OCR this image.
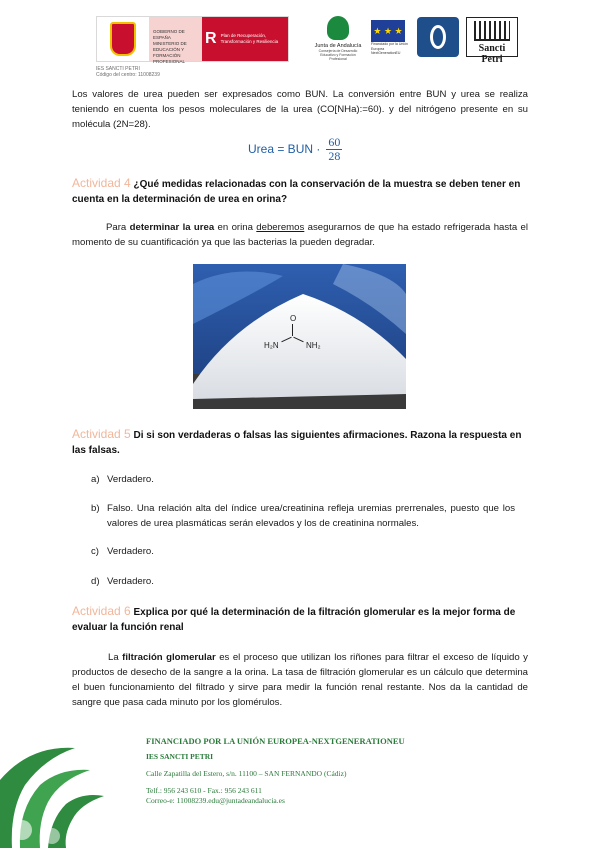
GOBIERNO DE ESPAÑA
MINISTERIO DE EDUCACIÓN Y FORMACIÓN PROFESIONAL
R Plan de Recuperación, Transformación y Resiliencia
Junta de Andalucía
Consejería de Desarrollo Educativo y Formación Profesional
★ ★ ★
Financiado por la Unión Europea NextGenerationEU	Sancti Petri
IES SANCTI PETRI
Código del centro: 11008239

Los valores de urea pueden ser expresados como BUN. La conversión entre BUN y urea se realiza teniendo en cuenta los pesos moleculares de la urea (CO[NHa):=60). y del nitrógeno presente en su molécula (2N=28).

Urea = BUN · $\frac{60}{28}$

Actividad 4 ¿Qué medidas relacionadas con la conservación de la muestra se deben tener en cuenta en la determinación de urea en orina?

Para determinar la urea en orina deberemos asegurarnos de que ha estado refrigerada hasta el momento de su cuantificación ya que las bacterias la pueden degradar.

O
H₂N	NH₂

Actividad 5 Di si son verdaderas o falsas las siguientes afirmaciones. Razona la respuesta en las falsas.

a) Verdadero.
b) Falso. Una relación alta del índice urea/creatinina refleja uremias prerrenales, puesto que los valores de urea plasmáticas serán elevados y los de creatinina normales.
c) Verdadero.
d) Verdadero.

Actividad 6 Explica por qué la determinación de la filtración glomerular es la mejor forma de evaluar la función renal

La filtración glomerular es el proceso que utilizan los riñones para filtrar el exceso de líquido y productos de desecho de la sangre a la orina. La tasa de filtración glomerular es un cálculo que determina el buen funcionamiento del filtrado y sirve para medir la función renal restante. Nos da la cantidad de sangre que pasa cada minuto por los glomérulos.

FINANCIADO POR LA UNIÓN EUROPEA-NEXTGENERATIONEU
IES SANCTI PETRI
Calle Zapatilla del Estero, s/n. 11100 – SAN FERNANDO (Cádiz)
Telf.: 956 243 610 - Fax.: 956 243 611
Correo-e: 11008239.edu@juntadeandalucia.es
